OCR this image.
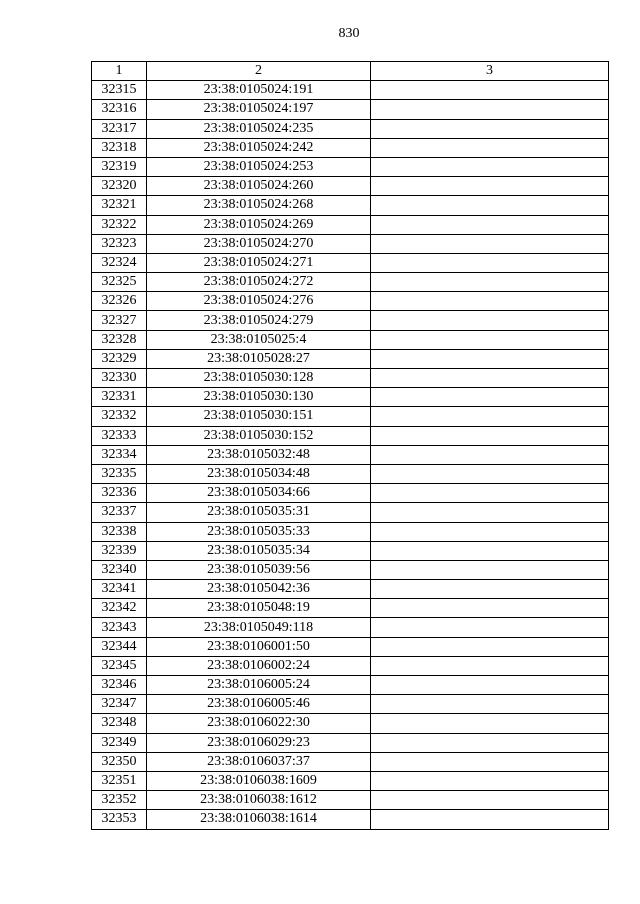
830
1	2	3
32315	23:38:0105024:191	
32316	23:38:0105024:197	
32317	23:38:0105024:235	
32318	23:38:0105024:242	
32319	23:38:0105024:253	
32320	23:38:0105024:260	
32321	23:38:0105024:268	
32322	23:38:0105024:269	
32323	23:38:0105024:270	
32324	23:38:0105024:271	
32325	23:38:0105024:272	
32326	23:38:0105024:276	
32327	23:38:0105024:279	
32328	23:38:0105025:4	
32329	23:38:0105028:27	
32330	23:38:0105030:128	
32331	23:38:0105030:130	
32332	23:38:0105030:151	
32333	23:38:0105030:152	
32334	23:38:0105032:48	
32335	23:38:0105034:48	
32336	23:38:0105034:66	
32337	23:38:0105035:31	
32338	23:38:0105035:33	
32339	23:38:0105035:34	
32340	23:38:0105039:56	
32341	23:38:0105042:36	
32342	23:38:0105048:19	
32343	23:38:0105049:118	
32344	23:38:0106001:50	
32345	23:38:0106002:24	
32346	23:38:0106005:24	
32347	23:38:0106005:46	
32348	23:38:0106022:30	
32349	23:38:0106029:23	
32350	23:38:0106037:37	
32351	23:38:0106038:1609	
32352	23:38:0106038:1612	
32353	23:38:0106038:1614	
